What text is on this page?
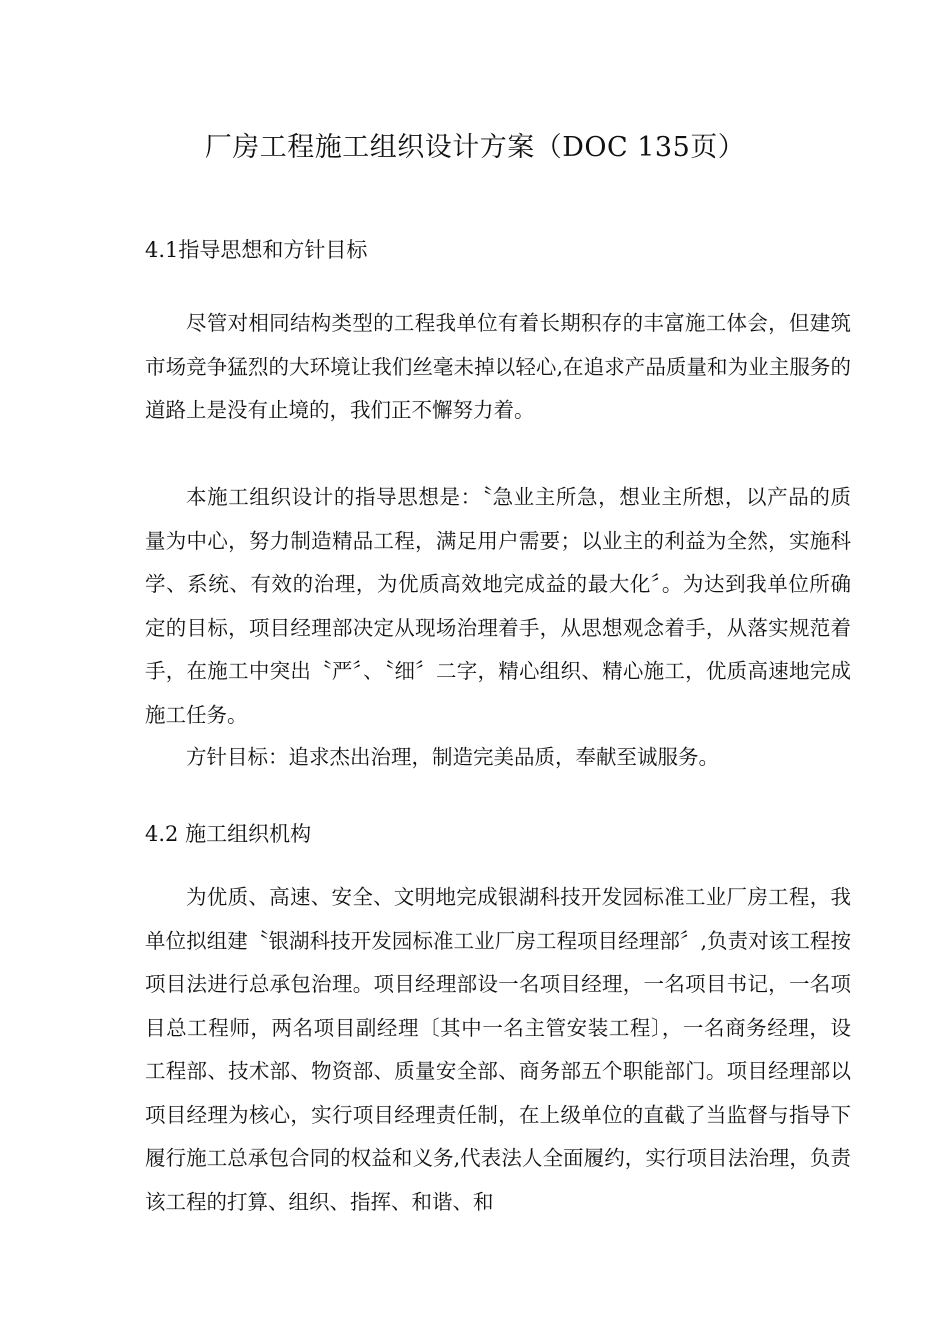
厂房工程施工组织设计方案（DOC 135页）
4.1指导思想和方针目标

尽管对相同结构类型的工程我单位有着长期积存的丰富施工体会，但建筑市场竞争猛烈的大环境让我们丝毫未掉以轻心,在追求产品质量和为业主服务的道路上是没有止境的，我们正不懈努力着。

本施工组织设计的指导思想是：〝急业主所急，想业主所想，以产品的质量为中心，努力制造精品工程，满足用户需要；以业主的利益为全然，实施科学、系统、有效的治理，为优质高效地完成益的最大化〞。为达到我单位所确定的目标，项目经理部决定从现场治理着手，从思想观念着手，从落实规范着手，在施工中突出〝严〞、〝细〞二字，精心组织、精心施工，优质高速地完成施工任务。

方针目标：追求杰出治理，制造完美品质，奉献至诚服务。

4.2 施工组织机构

为优质、高速、安全、文明地完成银湖科技开发园标准工业厂房工程，我单位拟组建〝银湖科技开发园标准工业厂房工程项目经理部〞,负责对该工程按项目法进行总承包治理。项目经理部设一名项目经理，一名项目书记，一名项目总工程师，两名项目副经理〔其中一名主管安装工程〕，一名商务经理，设工程部、技术部、物资部、质量安全部、商务部五个职能部门。项目经理部以项目经理为核心，实行项目经理责任制，在上级单位的直截了当监督与指导下履行施工总承包合同的权益和义务,代表法人全面履约，实行项目法治理，负责该工程的打算、组织、指挥、和谐、和
